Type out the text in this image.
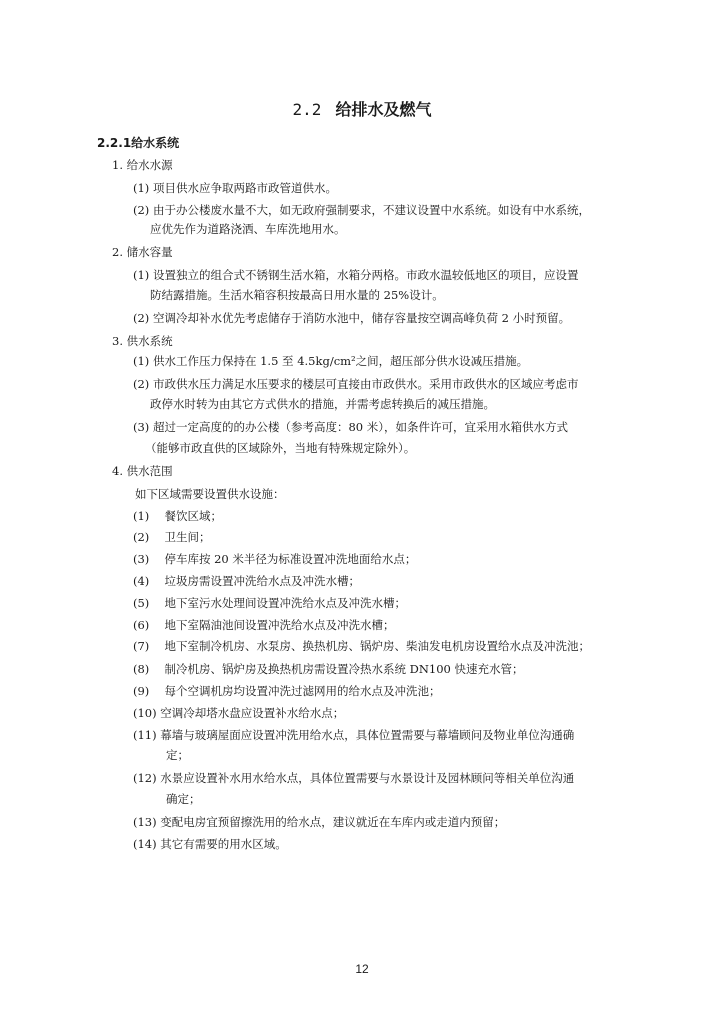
2.2 给排水及燃气
2.2.1给水系统
1. 给水水源
(1) 项目供水应争取两路市政管道供水。
(2) 由于办公楼废水量不大，如无政府强制要求，不建议设置中水系统。如设有中水系统，
应优先作为道路浇洒、车库洗地用水。
2. 储水容量
(1) 设置独立的组合式不锈钢生活水箱，水箱分两格。市政水温较低地区的项目，应设置
防结露措施。生活水箱容积按最高日用水量的 25%设计。
(2) 空调冷却补水优先考虑储存于消防水池中，储存容量按空调高峰负荷 2 小时预留。
3. 供水系统
(1) 供水工作压力保持在 1.5 至 4.5kg/cm²之间，超压部分供水设减压措施。
(2) 市政供水压力满足水压要求的楼层可直接由市政供水。采用市政供水的区域应考虑市
政停水时转为由其它方式供水的措施，并需考虑转换后的减压措施。
(3) 超过一定高度的的办公楼（参考高度：80 米），如条件许可，宜采用水箱供水方式
（能够市政直供的区域除外，当地有特殊规定除外）。
4. 供水范围
如下区域需要设置供水设施：
(1)　 餐饮区域；
(2)　 卫生间；
(3)　 停车库按 20 米半径为标准设置冲洗地面给水点；
(4)　 垃圾房需设置冲洗给水点及冲洗水槽；
(5)　 地下室污水处理间设置冲洗给水点及冲洗水槽；
(6)　 地下室隔油池间设置冲洗给水点及冲洗水槽；
(7)　 地下室制冷机房、水泵房、换热机房、锅炉房、柴油发电机房设置给水点及冲洗池；
(8)　 制冷机房、锅炉房及换热机房需设置冷热水系统 DN100 快速充水管；
(9)　 每个空调机房均设置冲洗过滤网用的给水点及冲洗池；
(10) 空调冷却塔水盘应设置补水给水点；
(11) 幕墙与玻璃屋面应设置冲洗用给水点，具体位置需要与幕墙顾问及物业单位沟通确
定；
(12) 水景应设置补水用水给水点，具体位置需要与水景设计及园林顾问等相关单位沟通
确定；
(13) 变配电房宜预留擦洗用的给水点，建议就近在车库内或走道内预留；
(14) 其它有需要的用水区域。
12
